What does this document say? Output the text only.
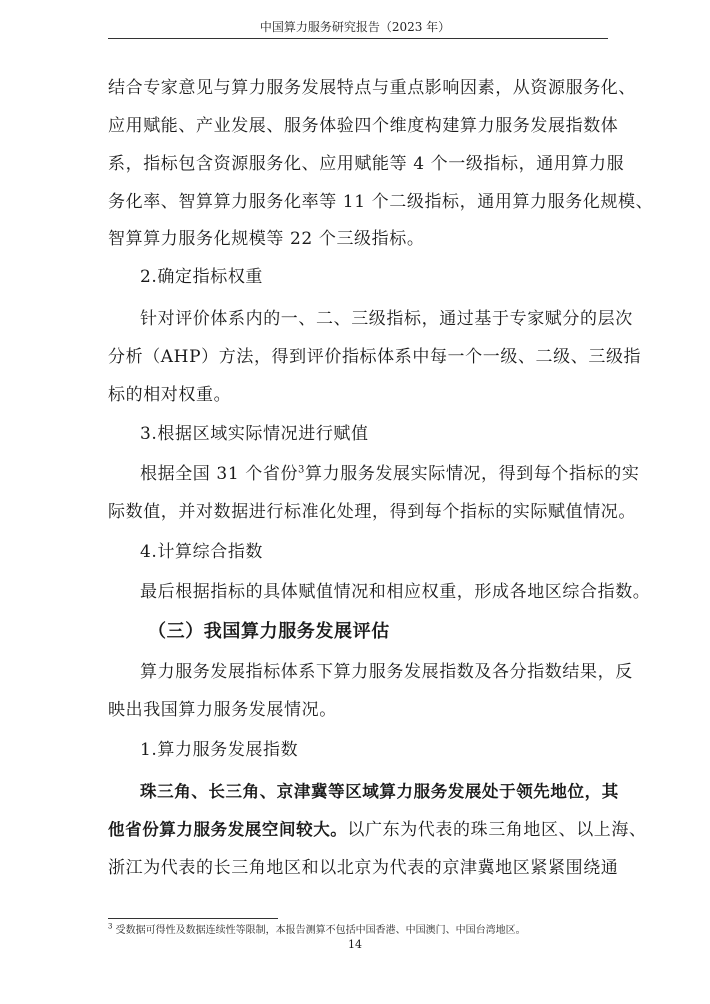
中国算力服务研究报告（2023 年）
结合专家意见与算力服务发展特点与重点影响因素，从资源服务化、
应用赋能、产业发展、服务体验四个维度构建算力服务发展指数体
系，指标包含资源服务化、应用赋能等 4 个一级指标，通用算力服
务化率、智算算力服务化率等 11 个二级指标，通用算力服务化规模、
智算算力服务化规模等 22 个三级指标。
2.确定指标权重
针对评价体系内的一、二、三级指标，通过基于专家赋分的层次
分析（AHP）方法，得到评价指标体系中每一个一级、二级、三级指
标的相对权重。
3.根据区域实际情况进行赋值
根据全国 31 个省份$^3$算力服务发展实际情况，得到每个指标的实
际数值，并对数据进行标准化处理，得到每个指标的实际赋值情况。
4.计算综合指数
最后根据指标的具体赋值情况和相应权重，形成各地区综合指数。
（三）我国算力服务发展评估
算力服务发展指标体系下算力服务发展指数及各分指数结果，反
映出我国算力服务发展情况。
1.算力服务发展指数
珠三角、长三角、京津冀等区域算力服务发展处于领先地位，其
他省份算力服务发展空间较大。以广东为代表的珠三角地区、以上海、
浙江为代表的长三角地区和以北京为代表的京津冀地区紧紧围绕通
$^3$ 受数据可得性及数据连续性等限制，本报告测算不包括中国香港、中国澳门、中国台湾地区。
14
